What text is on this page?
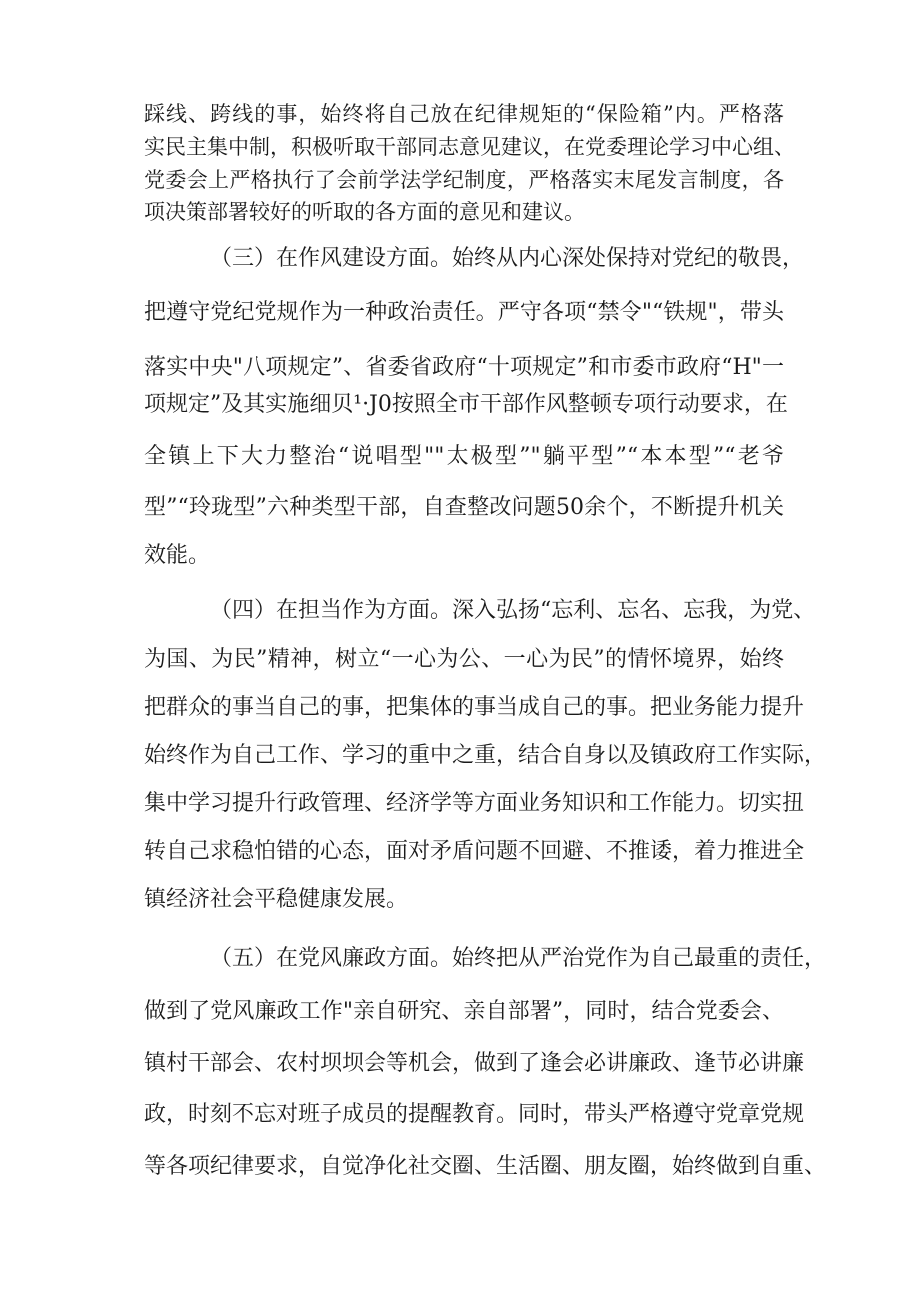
踩线、跨线的事，始终将自己放在纪律规矩的“保险箱”内。严格落

实民主集中制，积极听取干部同志意见建议，在党委理论学习中心组、

党委会上严格执行了会前学法学纪制度，严格落实末尾发言制度，各

项决策部署较好的听取的各方面的意见和建议。

（三）在作风建设方面。始终从内心深处保持对党纪的敬畏，

把遵守党纪党规作为一种政治责任。严守各项“禁令"“铁规"，带头

落实中央"八项规定”、省委省政府“十项规定”和市委市政府“H"一

项规定”及其实施细贝¹·J0按照全市干部作风整顿专项行动要求，在

全镇上下大力整治“说唱型""太极型”"躺平型”“本本型”“老爷

型”“玲珑型”六种类型干部，自查整改问题50余个，不断提升机关

效能。

（四）在担当作为方面。深入弘扬“忘利、忘名、忘我，为党、

为国、为民”精神，树立“一心为公、一心为民”的情怀境界，始终

把群众的事当自己的事，把集体的事当成自己的事。把业务能力提升

始终作为自己工作、学习的重中之重，结合自身以及镇政府工作实际，

集中学习提升行政管理、经济学等方面业务知识和工作能力。切实扭

转自己求稳怕错的心态，面对矛盾问题不回避、不推诿，着力推进全

镇经济社会平稳健康发展。

（五）在党风廉政方面。始终把从严治党作为自己最重的责任，

做到了党风廉政工作"亲自研究、亲自部署”，同时，结合党委会、

镇村干部会、农村坝坝会等机会，做到了逢会必讲廉政、逢节必讲廉

政，时刻不忘对班子成员的提醒教育。同时，带头严格遵守党章党规

等各项纪律要求，自觉净化社交圈、生活圈、朋友圈，始终做到自重、
